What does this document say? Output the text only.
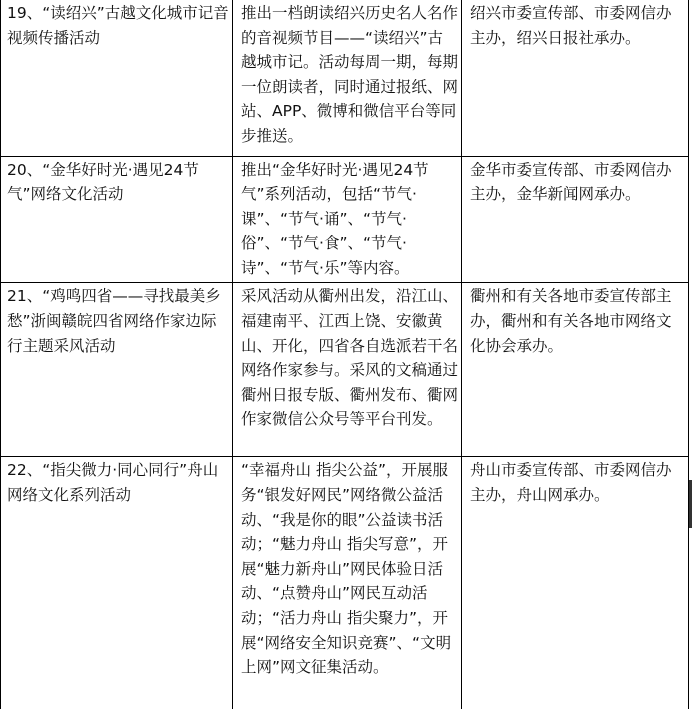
19、“读绍兴”古越文化城市记音视频传播活动	推出一档朗读绍兴历史名人名作的音视频节目——“读绍兴”古越城市记。活动每周一期，每期一位朗读者，同时通过报纸、网站、APP、微博和微信平台等同步推送。	绍兴市委宣传部、市委网信办主办，绍兴日报社承办。

20、“金华好时光·遇见24节气”网络文化活动	推出“金华好时光·遇见24节气”系列活动，包括“节气·课”、“节气·诵”、“节气·俗”、“节气·食”、“节气·诗”、“节气·乐”等内容。	金华市委宣传部、市委网信办主办，金华新闻网承办。

21、“鸡鸣四省——寻找最美乡愁”浙闽赣皖四省网络作家边际行主题采风活动	采风活动从衢州出发，沿江山、福建南平、江西上饶、安徽黄山、开化，四省各自选派若干名网络作家参与。采风的文稿通过衢州日报专版、衢州发布、衢网作家微信公众号等平台刊发。	衢州和有关各地市委宣传部主办，衢州和有关各地市网络文化协会承办。

22、“指尖微力·同心同行”舟山网络文化系列活动	“幸福舟山 指尖公益”，开展服务“银发好网民”网络微公益活动、“我是你的眼”公益读书活动；“魅力舟山 指尖写意”，开展“魅力新舟山”网民体验日活动、“点赞舟山”网民互动活动；“活力舟山 指尖聚力”，开展“网络安全知识竞赛”、“文明上网”网文征集活动。	舟山市委宣传部、市委网信办主办，舟山网承办。
